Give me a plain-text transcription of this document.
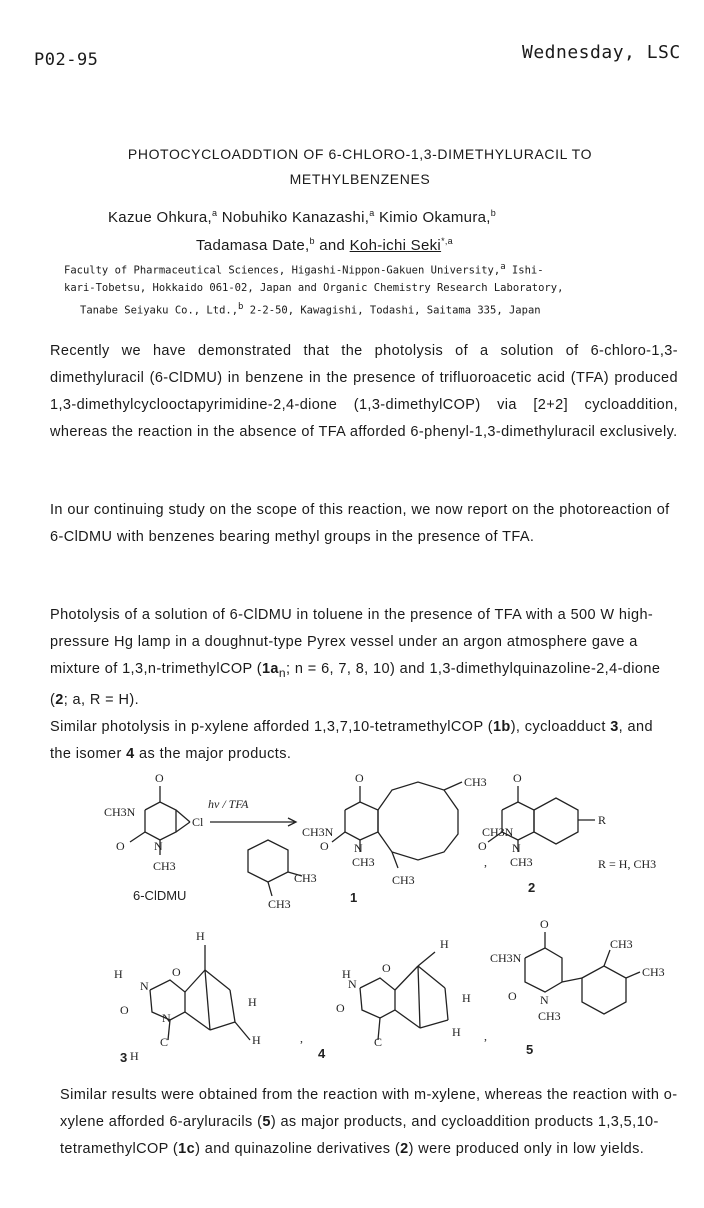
P02-95	Wednesday, LSC
PHOTOCYCLOADDTION OF 6-CHLORO-1,3-DIMETHYLURACIL TO
METHYLBENZENES
Kazue Ohkura,$^a$ Nobuhiko Kanazashi,$^a$ Kimio Okamura,$^b$
Tadamasa Date,$^b$ and Koh-ichi Seki$^{*,a}$
Faculty of Pharmaceutical Sciences, Higashi-Nippon-Gakuen University,$^a$ Ishi-
kari-Tobetsu, Hokkaido 061-02, Japan and Organic Chemistry Research Laboratory,
Tanabe Seiyaku Co., Ltd.,$^b$ 2-2-50, Kawagishi, Todashi, Saitama 335, Japan
Recently we have demonstrated that the photolysis of a solution of 6-chloro-1,3-dimethyluracil (6-ClDMU) in benzene in the presence of trifluoroacetic acid (TFA) produced 1,3-dimethylcyclooctapyrimidine-2,4-dione (1,3-dimethylCOP) via [2+2] cycloaddition, whereas the reaction in the absence of TFA afforded 6-phenyl-1,3-dimethyluracil exclusively.
In our continuing study on the scope of this reaction, we now report on the photoreaction of 6-ClDMU with benzenes bearing methyl groups in the presence of TFA.
Photolysis of a solution of 6-ClDMU in toluene in the presence of TFA with a 500 W high-pressure Hg lamp in a doughnut-type Pyrex vessel under an argon atmosphere gave a mixture of 1,3,n-trimethylCOP ($1a_n$; n = 6, 7, 8, 10) and 1,3-dimethylquinazoline-2,4-dione (2; a, R = H).
Similar photolysis in p-xylene afforded 1,3,7,10-tetramethylCOP (1b), cycloadduct 3, and the isomer 4 as the major products.
O
CH3N
O N
Cl
CH3
hν / TFA
CH3
CH3
O
CH3N
O N
CH3
CH3
CH3
,
O
CH3N
O N
CH3
R
R = H, CH3
H
H
N
O
O
N
C
H
H
H
H
N
O
O
C
H
H
H
,	,
O
CH3N
O N
CH3
CH3
CH3
6-ClDMU	1
2
3	4	5
Similar results were obtained from the reaction with m-xylene, whereas the reaction with o-xylene afforded 6-aryluracils (5) as major products, and cycloaddition products 1,3,5,10-tetramethylCOP (1c) and quinazoline derivatives (2) were produced only in low yields.
